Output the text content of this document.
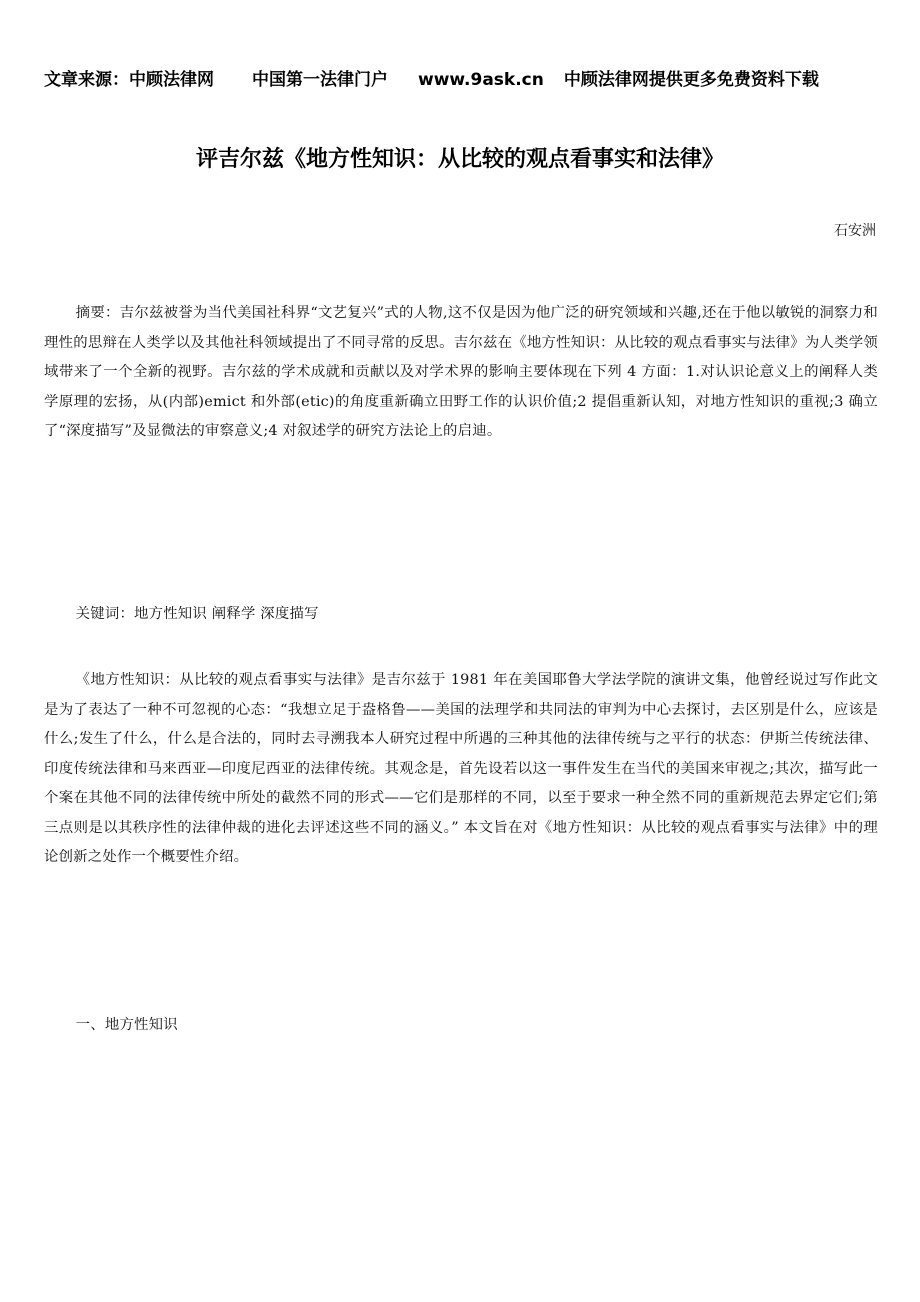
文章来源：中顾法律网 中国第一法律门户 www.9ask.cn 中顾法律网提供更多免费资料下载
评吉尔兹《地方性知识：从比较的观点看事实和法律》
石安洲

摘要：吉尔兹被誉为当代美国社科界“文艺复兴”式的人物,这不仅是因为他广泛的研究领域和兴趣,还在于他以敏锐的洞察力和理性的思辩在人类学以及其他社科领域提出了不同寻常的反思。吉尔兹在《地方性知识：从比较的观点看事实与法律》为人类学领域带来了一个全新的视野。吉尔兹的学术成就和贡献以及对学术界的影响主要体现在下列 4 方面：1.对认识论意义上的阐释人类学原理的宏扬，从(内部)emict 和外部(etic)的角度重新确立田野工作的认识价值;2 提倡重新认知，对地方性知识的重视;3 确立了“深度描写”及显微法的审察意义;4 对叙述学的研究方法论上的启迪。

关键词：地方性知识 阐释学 深度描写

《地方性知识：从比较的观点看事实与法律》是吉尔兹于 1981 年在美国耶鲁大学法学院的演讲文集，他曾经说过写作此文是为了表达了一种不可忽视的心态：“我想立足于盎格鲁——美国的法理学和共同法的审判为中心去探讨，去区别是什么，应该是什么;发生了什么，什么是合法的，同时去寻溯我本人研究过程中所遇的三种其他的法律传统与之平行的状态：伊斯兰传统法律、印度传统法律和马来西亚—印度尼西亚的法律传统。其观念是，首先设若以这一事件发生在当代的美国来审视之;其次，描写此一个案在其他不同的法律传统中所处的截然不同的形式——它们是那样的不同，以至于要求一种全然不同的重新规范去界定它们;第三点则是以其秩序性的法律仲裁的进化去评述这些不同的涵义。” 本文旨在对《地方性知识：从比较的观点看事实与法律》中的理论创新之处作一个概要性介绍。

一、地方性知识
